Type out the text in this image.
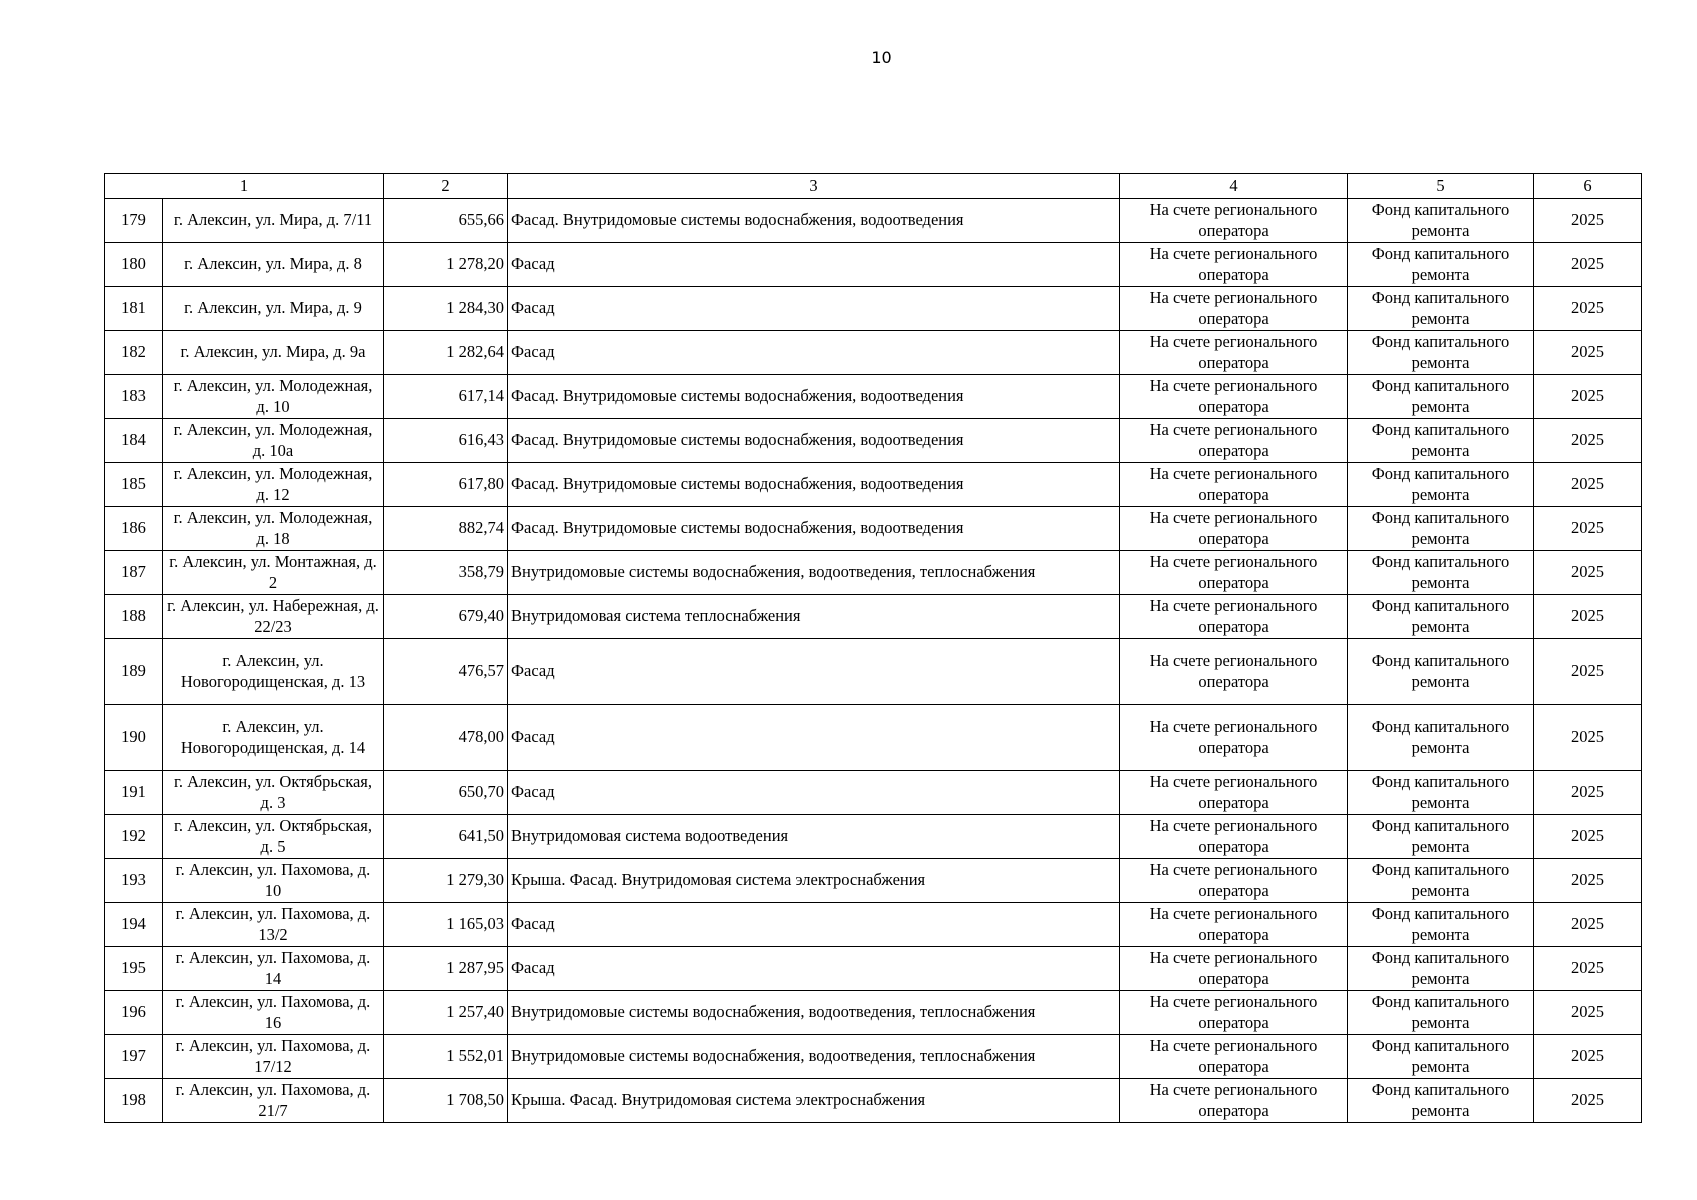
10
1		2	3	4	5	6
179	г. Алексин, ул. Мира, д. 7/11	655,66	Фасад. Внутридомовые системы водоснабжения, водоотведения	На счете регионального оператора	Фонд капитального ремонта	2025
180	г. Алексин, ул. Мира, д. 8	1 278,20	Фасад	На счете регионального оператора	Фонд капитального ремонта	2025
181	г. Алексин, ул. Мира, д. 9	1 284,30	Фасад	На счете регионального оператора	Фонд капитального ремонта	2025
182	г. Алексин, ул. Мира, д. 9а	1 282,64	Фасад	На счете регионального оператора	Фонд капитального ремонта	2025
183	г. Алексин, ул. Молодежная, д. 10	617,14	Фасад. Внутридомовые системы водоснабжения, водоотведения	На счете регионального оператора	Фонд капитального ремонта	2025
184	г. Алексин, ул. Молодежная, д. 10а	616,43	Фасад. Внутридомовые системы водоснабжения, водоотведения	На счете регионального оператора	Фонд капитального ремонта	2025
185	г. Алексин, ул. Молодежная, д. 12	617,80	Фасад. Внутридомовые системы водоснабжения, водоотведения	На счете регионального оператора	Фонд капитального ремонта	2025
186	г. Алексин, ул. Молодежная, д. 18	882,74	Фасад. Внутридомовые системы водоснабжения, водоотведения	На счете регионального оператора	Фонд капитального ремонта	2025
187	г. Алексин, ул. Монтажная, д. 2	358,79	Внутридомовые системы водоснабжения, водоотведения, теплоснабжения	На счете регионального оператора	Фонд капитального ремонта	2025
188	г. Алексин, ул. Набережная, д. 22/23	679,40	Внутридомовая система теплоснабжения	На счете регионального оператора	Фонд капитального ремонта	2025
189	г. Алексин, ул. Новогородищенская, д. 13	476,57	Фасад	На счете регионального оператора	Фонд капитального ремонта	2025
190	г. Алексин, ул. Новогородищенская, д. 14	478,00	Фасад	На счете регионального оператора	Фонд капитального ремонта	2025
191	г. Алексин, ул. Октябрьская, д. 3	650,70	Фасад	На счете регионального оператора	Фонд капитального ремонта	2025
192	г. Алексин, ул. Октябрьская, д. 5	641,50	Внутридомовая система водоотведения	На счете регионального оператора	Фонд капитального ремонта	2025
193	г. Алексин, ул. Пахомова, д. 10	1 279,30	Крыша. Фасад. Внутридомовая система электроснабжения	На счете регионального оператора	Фонд капитального ремонта	2025
194	г. Алексин, ул. Пахомова, д. 13/2	1 165,03	Фасад	На счете регионального оператора	Фонд капитального ремонта	2025
195	г. Алексин, ул. Пахомова, д. 14	1 287,95	Фасад	На счете регионального оператора	Фонд капитального ремонта	2025
196	г. Алексин, ул. Пахомова, д. 16	1 257,40	Внутридомовые системы водоснабжения, водоотведения, теплоснабжения	На счете регионального оператора	Фонд капитального ремонта	2025
197	г. Алексин, ул. Пахомова, д. 17/12	1 552,01	Внутридомовые системы водоснабжения, водоотведения, теплоснабжения	На счете регионального оператора	Фонд капитального ремонта	2025
198	г. Алексин, ул. Пахомова, д. 21/7	1 708,50	Крыша. Фасад. Внутридомовая система электроснабжения	На счете регионального оператора	Фонд капитального ремонта	2025
